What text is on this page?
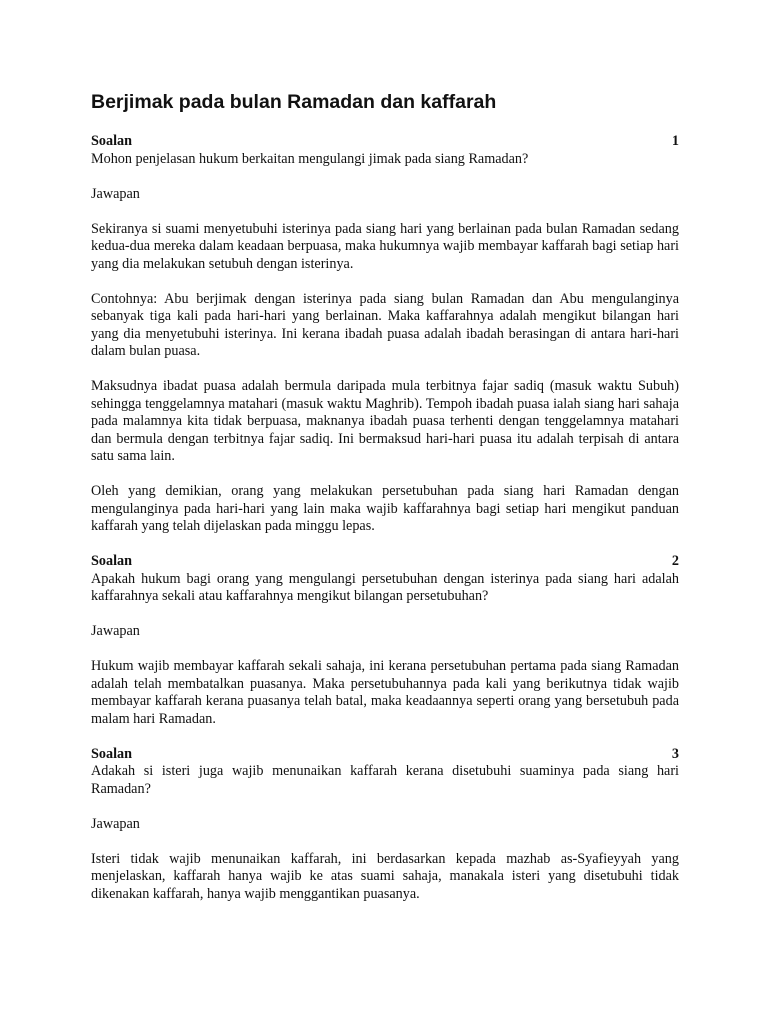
Berjimak pada bulan Ramadan dan kaffarah
Soalan	1
Mohon penjelasan hukum berkaitan mengulangi jimak pada siang Ramadan?
Jawapan

Sekiranya si suami menyetubuhi isterinya pada siang hari yang berlainan pada bulan Ramadan sedang kedua-dua mereka dalam keadaan berpuasa, maka hukumnya wajib membayar kaffarah bagi setiap hari yang dia melakukan setubuh dengan isterinya.

Contohnya: Abu berjimak dengan isterinya pada siang bulan Ramadan dan Abu mengulanginya sebanyak tiga kali pada hari-hari yang berlainan. Maka kaffarahnya adalah mengikut bilangan hari yang dia menyetubuhi isterinya. Ini kerana ibadah puasa adalah ibadah berasingan di antara hari-hari dalam bulan puasa.

Maksudnya ibadat puasa adalah bermula daripada mula terbitnya fajar sadiq (masuk waktu Subuh) sehingga tenggelamnya matahari (masuk waktu Maghrib). Tempoh ibadah puasa ialah siang hari sahaja pada malamnya kita tidak berpuasa, maknanya ibadah puasa terhenti dengan tenggelamnya matahari dan bermula dengan terbitnya fajar sadiq. Ini bermaksud hari-hari puasa itu adalah terpisah di antara satu sama lain.

Oleh yang demikian, orang yang melakukan persetubuhan pada siang hari Ramadan dengan mengulanginya pada hari-hari yang lain maka wajib kaffarahnya bagi setiap hari mengikut panduan kaffarah yang telah dijelaskan pada minggu lepas.

Soalan	2
Apakah hukum bagi orang yang mengulangi persetubuhan dengan isterinya pada siang hari adalah kaffarahnya sekali atau kaffarahnya mengikut bilangan persetubuhan?
Jawapan

Hukum wajib membayar kaffarah sekali sahaja, ini kerana persetubuhan pertama pada siang Ramadan adalah telah membatalkan puasanya. Maka persetubuhannya pada kali yang berikutnya tidak wajib membayar kaffarah kerana puasanya telah batal, maka keadaannya seperti orang yang bersetubuh pada malam hari Ramadan.

Soalan	3
Adakah si isteri juga wajib menunaikan kaffarah kerana disetubuhi suaminya pada siang hari Ramadan?
Jawapan

Isteri tidak wajib menunaikan kaffarah, ini berdasarkan kepada mazhab as-Syafieyyah yang menjelaskan, kaffarah hanya wajib ke atas suami sahaja, manakala isteri yang disetubuhi tidak dikenakan kaffarah, hanya wajib menggantikan puasanya.
